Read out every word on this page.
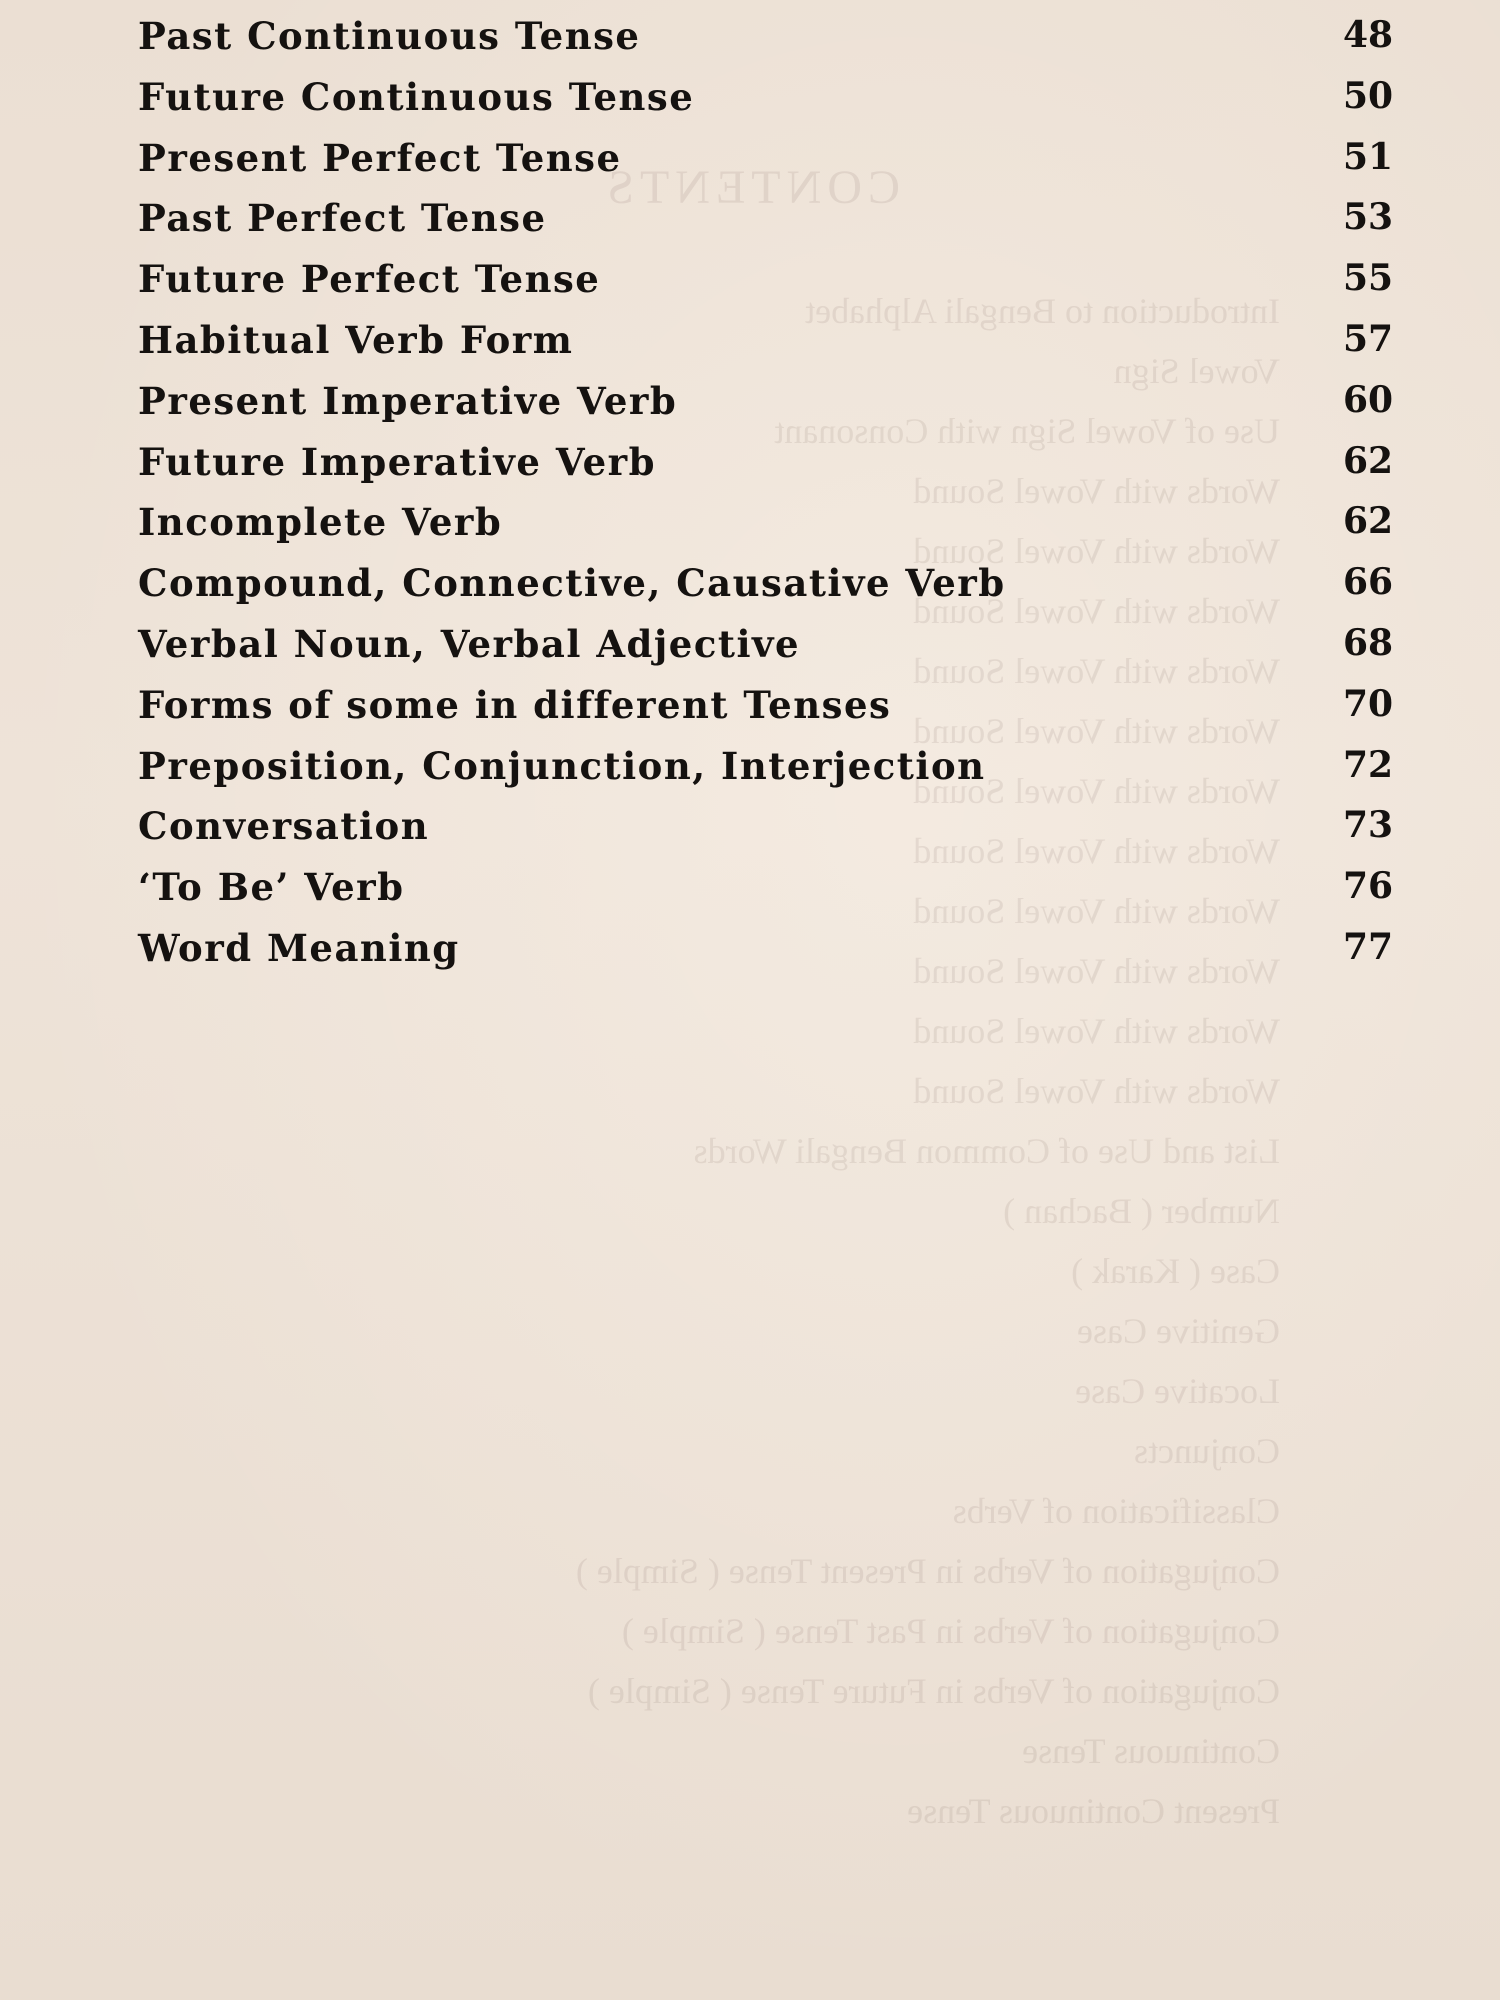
CONTENTS
Introduction to Bengali Alphabet
Vowel Sign
Use of Vowel Sign with Consonant
Words with Vowel Sound
Words with Vowel Sound
Words with Vowel Sound
Words with Vowel Sound
Words with Vowel Sound
Words with Vowel Sound
Words with Vowel Sound
Words with Vowel Sound
Words with Vowel Sound
Words with Vowel Sound
Words with Vowel Sound
List and Use of Common Bengali Words
Number ( Bachan )
Case ( Karak )
Genitive Case
Locative Case
Conjuncts
Classification of Verbs
Conjugation of Verbs in Present Tense ( Simple )
Conjugation of Verbs in Past Tense ( Simple )
Conjugation of Verbs in Future Tense ( Simple )
Continuous Tense
Present Continuous Tense
Past Continuous Tense	48
Future Continuous Tense	50
Present Perfect Tense	51
Past Perfect Tense	53
Future Perfect Tense	55
Habitual Verb Form	57
Present Imperative Verb	60
Future Imperative Verb	62
Incomplete Verb	62
Compound, Connective, Causative Verb	66
Verbal Noun, Verbal Adjective	68
Forms of some in different Tenses	70
Preposition, Conjunction, Interjection	72
Conversation	73
‘To Be’ Verb	76
Word Meaning	77
